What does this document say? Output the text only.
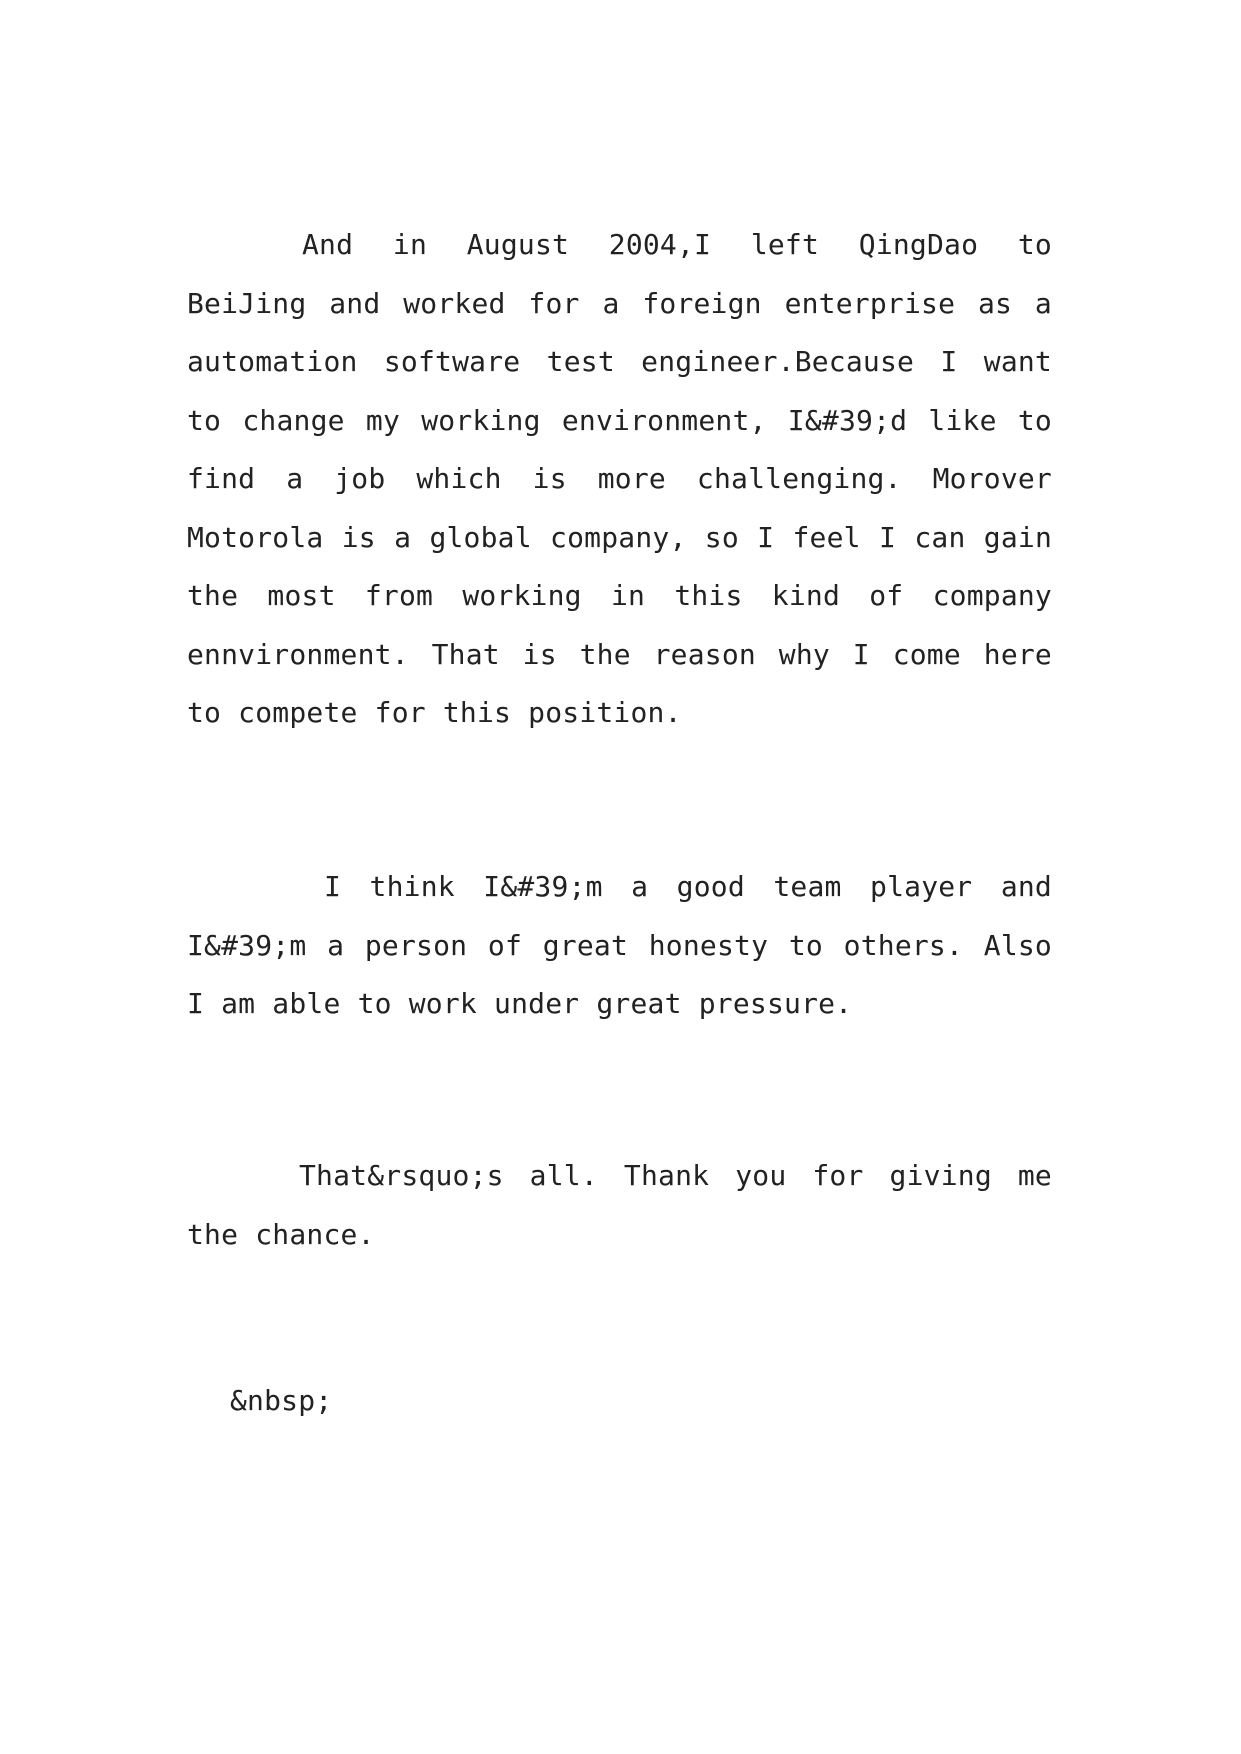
And in August 2004,I left QingDao to BeiJing and worked for a foreign enterprise as a automation software test engineer.Because I want to change my working environment, I&#39;d like to find a job which is more challenging. Morover Motorola is a global company, so I feel I can gain the most from working in this kind of company ennvironment. That is the reason why I come here to compete for this position.

I think I&#39;m a good team player and I&#39;m a person of great honesty to others. Also I am able to work under great pressure.

That&rsquo;s all. Thank you for giving me the chance.

&nbsp;
